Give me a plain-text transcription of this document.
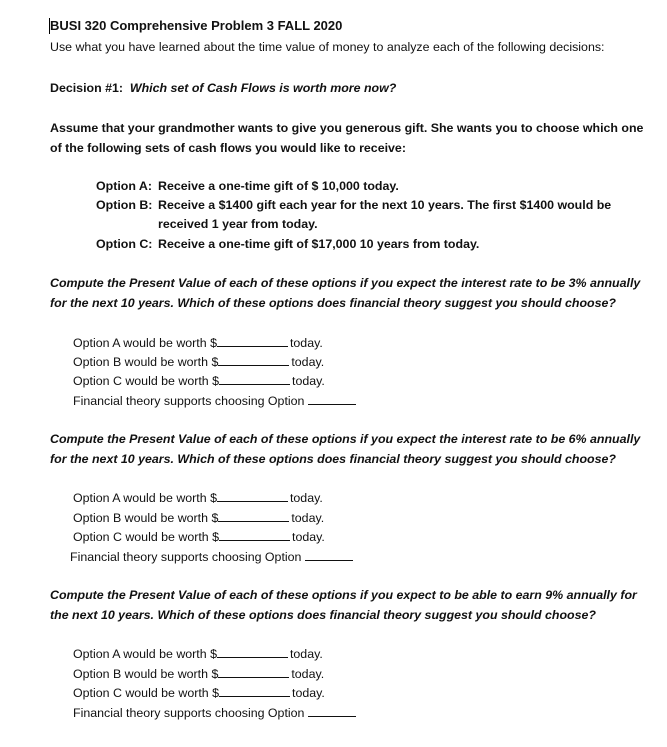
BUSI 320 Comprehensive Problem 3 FALL 2020
Use what you have learned about the time value of money to analyze each of the following decisions:
Decision #1: Which set of Cash Flows is worth more now?
Assume that your grandmother wants to give you generous gift. She wants you to choose which one
of the following sets of cash flows you would like to receive:
Option A: Receive a one-time gift of $ 10,000 today.
Option B: Receive a $1400 gift each year for the next 10 years. The first $1400 would be
received 1 year from today.
Option C: Receive a one-time gift of $17,000 10 years from today.
Compute the Present Value of each of these options if you expect the interest rate to be 3% annually
for the next 10 years. Which of these options does financial theory suggest you should choose?
Option A would be worth $	today.
Option B would be worth $	today.
Option C would be worth $	today.
Financial theory supports choosing Option
Compute the Present Value of each of these options if you expect the interest rate to be 6% annually
for the next 10 years. Which of these options does financial theory suggest you should choose?
Option A would be worth $	today.
Option B would be worth $	today.
Option C would be worth $	today.
Financial theory supports choosing Option
Compute the Present Value of each of these options if you expect to be able to earn 9% annually for
the next 10 years. Which of these options does financial theory suggest you should choose?
Option A would be worth $	today.
Option B would be worth $	today.
Option C would be worth $	today.
Financial theory supports choosing Option
